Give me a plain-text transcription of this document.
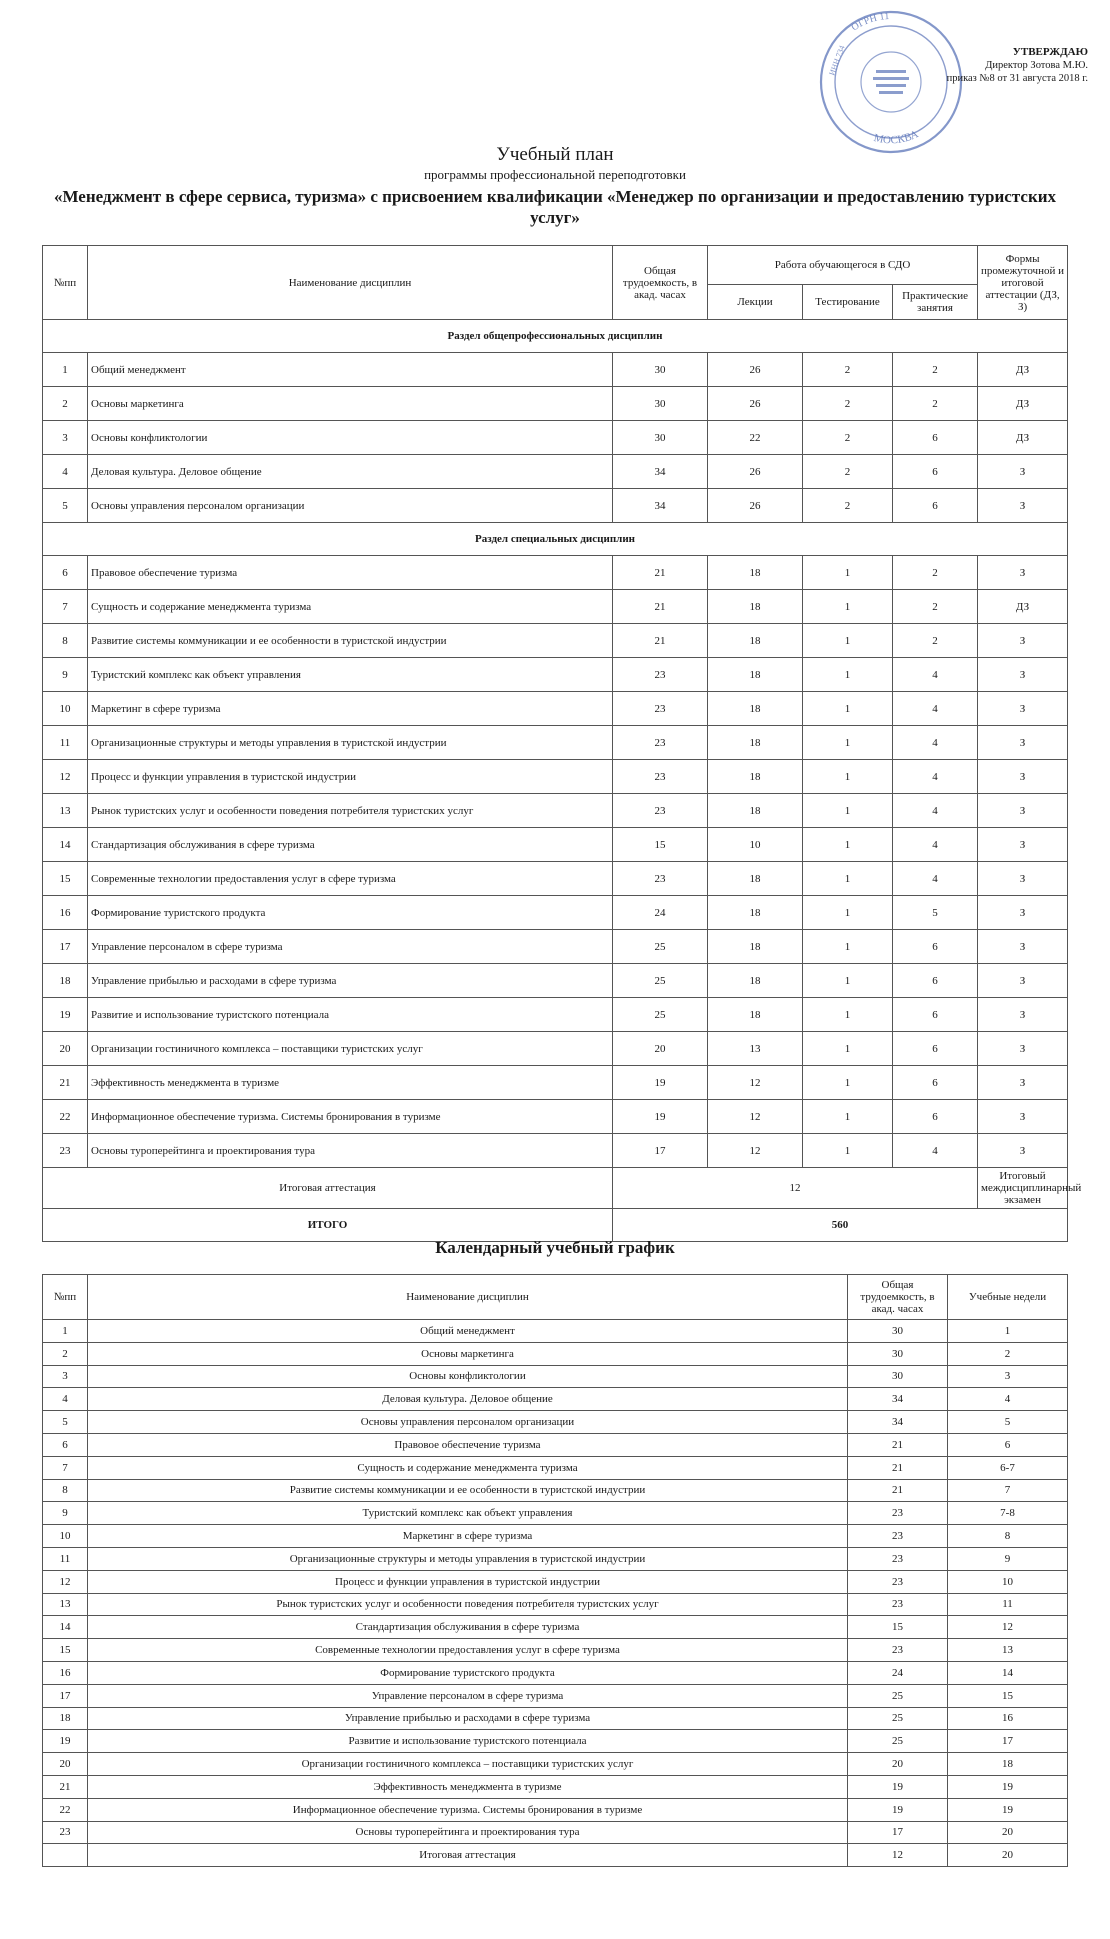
ОГРН 11
МОСКВА
ИНН 734	УТВЕРЖДАЮ
Директор Зотова М.Ю.
приказ №8 от 31 августа 2018 г.
Учебный план
программы профессиональной переподготовки
«Менеджмент в сфере сервиса, туризма» с присвоением квалификации «Менеджер по организации и предоставлению туристских услуг»
№пп	Наименование дисциплин	Общая трудоемкость, в акад. часах	Работа обучающегося в СДО			Формы промежуточной и итоговой аттестации (ДЗ, З)
			Лекции	Тестирование	Практические занятия	
Раздел общепрофессиональных дисциплин						
1	Общий менеджмент	30	26	2	2	ДЗ
2	Основы маркетинга	30	26	2	2	ДЗ
3	Основы конфликтологии	30	22	2	6	ДЗ
4	Деловая культура. Деловое общение	34	26	2	6	З
5	Основы управления персоналом организации	34	26	2	6	З
Раздел специальных дисциплин						
6	Правовое обеспечение туризма	21	18	1	2	З
7	Сущность и содержание менеджмента туризма	21	18	1	2	ДЗ
8	Развитие системы коммуникации и ее особенности в туристской индустрии	21	18	1	2	З
9	Туристский комплекс как объект управления	23	18	1	4	З
10	Маркетинг в сфере туризма	23	18	1	4	З
11	Организационные структуры и методы управления в туристской индустрии	23	18	1	4	З
12	Процесс и функции управления в туристской индустрии	23	18	1	4	З
13	Рынок туристских услуг и особенности поведения потребителя туристских услуг	23	18	1	4	З
14	Стандартизация обслуживания в сфере туризма	15	10	1	4	З
15	Современные технологии предоставления услуг в сфере туризма	23	18	1	4	З
16	Формирование туристского продукта	24	18	1	5	З
17	Управление персоналом в сфере туризма	25	18	1	6	З
18	Управление прибылью и расходами в сфере туризма	25	18	1	6	З
19	Развитие и использование туристского потенциала	25	18	1	6	З
20	Организации гостиничного комплекса – поставщики туристских услуг	20	13	1	6	З
21	Эффективность менеджмента в туризме	19	12	1	6	З
22	Информационное обеспечение туризма. Системы бронирования в туризме	19	12	1	6	З
23	Основы туроперейтинга и проектирования тура	17	12	1	4	З
Итоговая аттестация		12				Итоговый междисциплинарный экзамен
ИТОГО		560				
Календарный учебный график
№пп	Наименование дисциплин	Общая трудоемкость, в акад. часах	Учебные недели
1	Общий менеджмент	30	1
2	Основы маркетинга	30	2
3	Основы конфликтологии	30	3
4	Деловая культура. Деловое общение	34	4
5	Основы управления персоналом организации	34	5
6	Правовое обеспечение туризма	21	6
7	Сущность и содержание менеджмента туризма	21	6-7
8	Развитие системы коммуникации и ее особенности в туристской индустрии	21	7
9	Туристский комплекс как объект управления	23	7-8
10	Маркетинг в сфере туризма	23	8
11	Организационные структуры и методы управления в туристской индустрии	23	9
12	Процесс и функции управления в туристской индустрии	23	10
13	Рынок туристских услуг и особенности поведения потребителя туристских услуг	23	11
14	Стандартизация обслуживания в сфере туризма	15	12
15	Современные технологии предоставления услуг в сфере туризма	23	13
16	Формирование туристского продукта	24	14
17	Управление персоналом в сфере туризма	25	15
18	Управление прибылью и расходами в сфере туризма	25	16
19	Развитие и использование туристского потенциала	25	17
20	Организации гостиничного комплекса – поставщики туристских услуг	20	18
21	Эффективность менеджмента в туризме	19	19
22	Информационное обеспечение туризма. Системы бронирования в туризме	19	19
23	Основы туроперейтинга и проектирования тура	17	20
	Итоговая аттестация	12	20
